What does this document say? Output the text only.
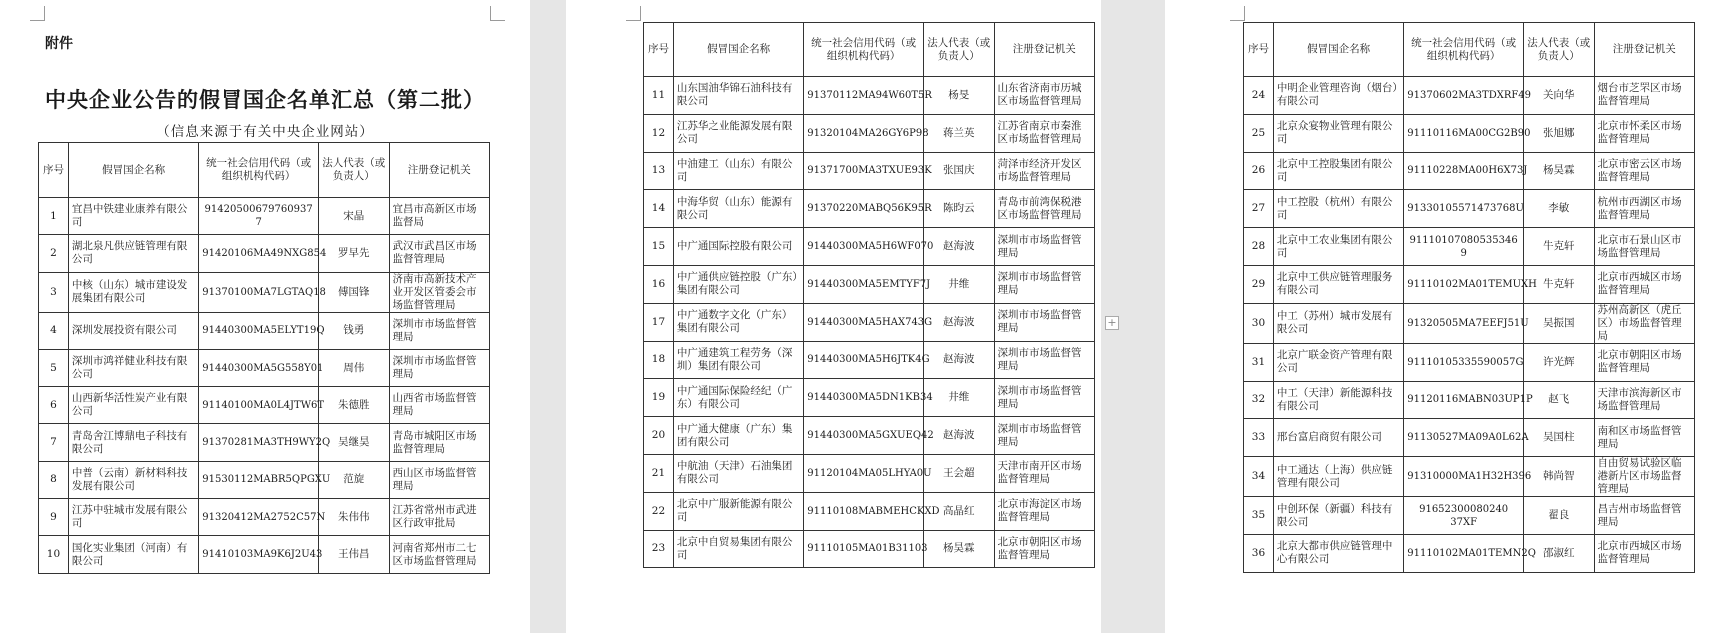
附件
中央企业公告的假冒国企名单汇总（第二批）
（信息来源于有关中央企业网站）
+
序号	假冒国企名称	统一社会信用代码（或组织机构代码）	法人代表（或负责人）	注册登记机关
1	宜昌中铁建业康养有限公司	91420500679760937​7	宋晶	宜昌市高新区市场监督局
2	湖北泉凡供应链管理有限公司	91420106MA49NXG854	罗早先	武汉市武昌区市场监督管理局
3	中核（山东）城市建设发展集团有限公司	91370100MA7LGTAQ18	傅国锋	济南市高新技术产业开发区管委会市场监督管理局
4	深圳发展投资有限公司	91440300MA5ELYT19Q	钱勇	深圳市市场监督管理局
5	深圳市鸿祥健业科技有限公司	91440300MA5G558Y01	周伟	深圳市市场监督管理局
6	山西新华活性炭产业有限公司	91140100MA0L4JTW6T	朱德胜	山西省市场监督管理局
7	青岛舍江博鼎电子科技有限公司	91370281MA3TH9WY2Q	吴继昊	青岛市城阳区市场监督管理局
8	中普（云南）新材料科技发展有限公司	91530112MABR5QPGXU	范旋	西山区市场监督管理局
9	江苏中驻城市发展有限公司	91320412MA2752C57N	朱伟伟	江苏省常州市武进区行政审批局
10	国化实业集团（河南）有限公司	91410103MA9K6J2U43	王伟昌	河南省郑州市二七区市场监督管理局
序号	假冒国企名称	统一社会信用代码（或组织机构代码）	法人代表（或负责人）	注册登记机关
11	山东国油华锦石油科技有限公司	91370112MA94W60T5R	杨旻	山东省济南市历城区市场监督管理局
12	江苏华之业能源发展有限公司	91320104MA26GY6P98	蒋兰英	江苏省南京市秦淮区市场监督管理局
13	中油建工（山东）有限公司	91371700MA3TXUE93K	张国庆	菏泽市经济开发区市场监督管理局
14	中海华贸（山东）能源有限公司	91370220MABQ56K95R	陈昀云	青岛市前湾保税港区市场监督管理局
15	中广通国际控股有限公司	91440300MA5H6WF070	赵海波	深圳市市场监督管理局
16	中广通供应链控股（广东）集团有限公司	91440300MA5EMTYF7J	井维	深圳市市场监督管理局
17	中广通数字文化（广东）集团有限公司	91440300MA5HAX743G	赵海波	深圳市市场监督管理局
18	中广通建筑工程劳务（深圳）集团有限公司	91440300MA5H6JTK4G	赵海波	深圳市市场监督管理局
19	中广通国际保险经纪（广东）有限公司	91440300MA5DN1KB34	井维	深圳市市场监督管理局
20	中广通大健康（广东）集团有限公司	91440300MA5GXUEQ42	赵海波	深圳市市场监督管理局
21	中航油（天津）石油集团有限公司	91120104MA05LHYA0U	王会超	天津市南开区市场监督管理局
22	北京中广服新能源有限公司	91110108MABMEHCKXD	高晶红	北京市海淀区市场监督管理局
23	北京中自贸易集团有限公司	91110105MA01B31103	杨昊霖	北京市朝阳区市场监督管理局
序号	假冒国企名称	统一社会信用代码（或组织机构代码）	法人代表（或负责人）	注册登记机关
24	中明企业管理咨询（烟台）有限公司	91370602MA3TDXRF49	关向华	烟台市芝罘区市场监督管理局
25	北京众宴物业管理有限公司	91110116MA00CG2B90	张旭娜	北京市怀柔区市场监督管理局
26	北京中工控股集团有限公司	91110228MA00H6X73J	杨昊霖	北京市密云区市场监督管理局
27	中工控股（杭州）有限公司	91330105571473768U	李敏	杭州市西湖区市场监督管理局
28	北京中工农业集团有限公司	91110107080535346​9	牛克轩	北京市石景山区市场监督管理局
29	北京中工供应链管理服务有限公司	91110102MA01TEMUXH	牛克轩	北京市西城区市场监督管理局
30	中工（苏州）城市发展有限公司	91320505MA7EEFJ51U	吴振国	苏州高新区（虎丘区）市场监督管理局
31	北京广联金资产管理有限公司	91110105335590057G	许光辉	北京市朝阳区市场监督管理局
32	中工（天津）新能源科技有限公司	91120116MABN03UP1P	赵飞	天津市滨海新区市场监督管理局
33	邢台富启商贸有限公司	91130527MA09A0L62A	吴国柱	南和区市场监督管理局
34	中工通达（上海）供应链管理有限公司	91310000MA1H32H396	韩尚智	自由贸易试验区临港新片区市场监督管理局
35	中创环保（新疆）科技有限公司	91652300080240​37XF	翟良	昌吉州市场监督管理局
36	北京大都市供应链管理中心有限公司	91110102MA01TEMN2Q	邵淑红	北京市西城区市场监督管理局
